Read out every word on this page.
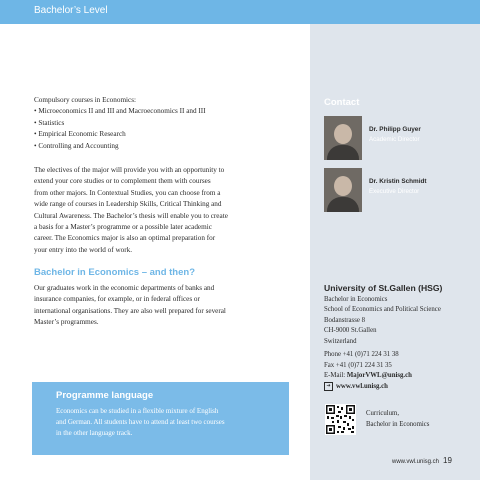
Bachelor’s Level

Compulsory courses in Economics:

• Microeconomics II and III and Macroeconomics II and III
• Statistics
• Empirical Economic Research
• Controlling and Accounting
The electives of the major will provide you with an opportunity to
extend your core studies or to complement them with courses
from other majors. In Contextual Studies, you can choose from a
wide range of courses in Leadership Skills, Critical Thinking and
Cultural Awareness. The Bachelor’s thesis will enable you to create
a basis for a Master’s programme or a possible later academic
career. The Economics major is also an optimal preparation for
your entry into the world of work.
Bachelor in Economics – and then?
Our graduates work in the economic departments of banks and
insurance companies, for example, or in federal offices or
international organisations. They are also well prepared for several
Master’s programmes.
Programme language
Economics can be studied in a flexible mixture of English
and German. All students have to attend at least two courses
in the other language track.
Contact
Dr. Philipp Guyer
Academic Director
Dr. Kristin Schmidt
Executive Director
University of St.Gallen (HSG)
Bachelor in Economics
School of Economics and Political Science
Bodanstrasse 8
CH-9000 St.Gallen
Switzerland
Phone +41 (0)71 224 31 38
Fax +41 (0)71 224 31 35
E-Mail: MajorVWL@unisg.ch
➜ www.vwl.unisg.ch
Curriculum,
Bachelor in Economics
www.vwl.unisg.ch 19
